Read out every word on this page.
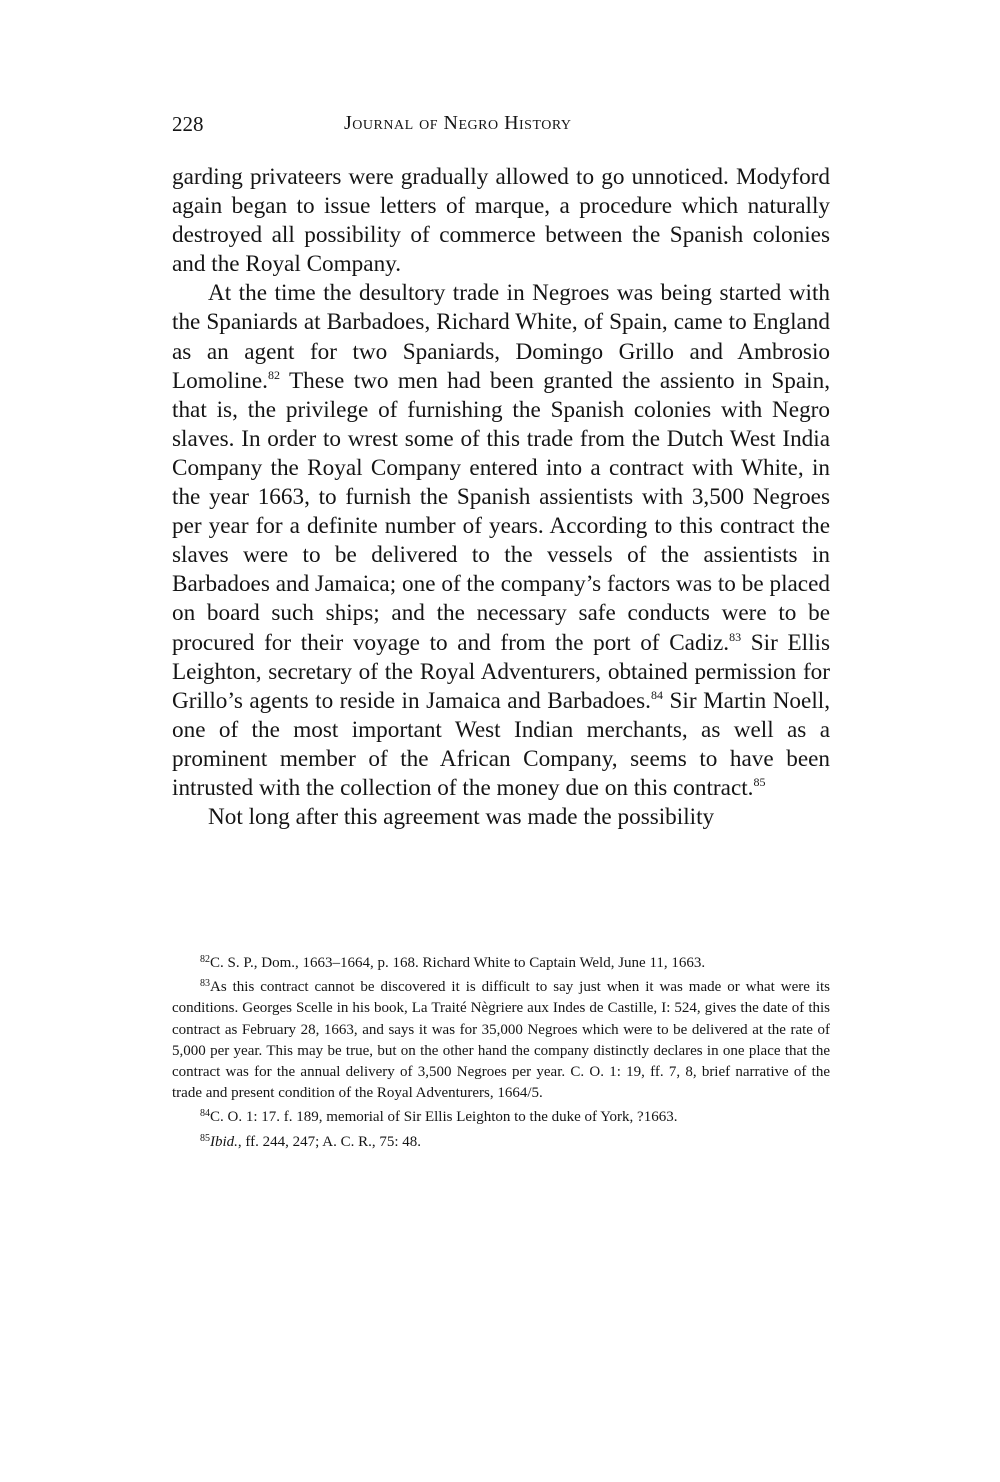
228	Journal of Negro History

garding privateers were gradually allowed to go unnoticed. Modyford again began to issue letters of marque, a procedure which naturally destroyed all possibility of commerce between the Spanish colonies and the Royal Company.

At the time the desultory trade in Negroes was being started with the Spaniards at Barbadoes, Richard White, of Spain, came to England as an agent for two Spaniards, Domingo Grillo and Ambrosio Lomoline.$^{82}$ These two men had been granted the assiento in Spain, that is, the privilege of furnishing the Spanish colonies with Negro slaves. In order to wrest some of this trade from the Dutch West India Company the Royal Company entered into a contract with White, in the year 1663, to furnish the Spanish assientists with 3,500 Negroes per year for a definite number of years. According to this contract the slaves were to be delivered to the vessels of the assientists in Barbadoes and Jamaica; one of the company’s factors was to be placed on board such ships; and the necessary safe conducts were to be procured for their voyage to and from the port of Cadiz.$^{83}$ Sir Ellis Leighton, secretary of the Royal Adventurers, obtained permission for Grillo’s agents to reside in Jamaica and Barbadoes.$^{84}$ Sir Martin Noell, one of the most important West Indian merchants, as well as a prominent member of the African Company, seems to have been intrusted with the collection of the money due on this contract.$^{85}$

Not long after this agreement was made the possibility

$^{82}$C. S. P., Dom., 1663–1664, p. 168. Richard White to Captain Weld, June 11, 1663.

$^{83}$As this contract cannot be discovered it is difficult to say just when it was made or what were its conditions. Georges Scelle in his book, La Traité Nègriere aux Indes de Castille, I: 524, gives the date of this contract as February 28, 1663, and says it was for 35,000 Negroes which were to be delivered at the rate of 5,000 per year. This may be true, but on the other hand the company distinctly declares in one place that the contract was for the annual delivery of 3,500 Negroes per year. C. O. 1: 19, ff. 7, 8, brief narrative of the trade and present condition of the Royal Adventurers, 1664/5.

$^{84}$C. O. 1: 17. f. 189, memorial of Sir Ellis Leighton to the duke of York, ?1663.

$^{85}$Ibid., ff. 244, 247; A. C. R., 75: 48.
